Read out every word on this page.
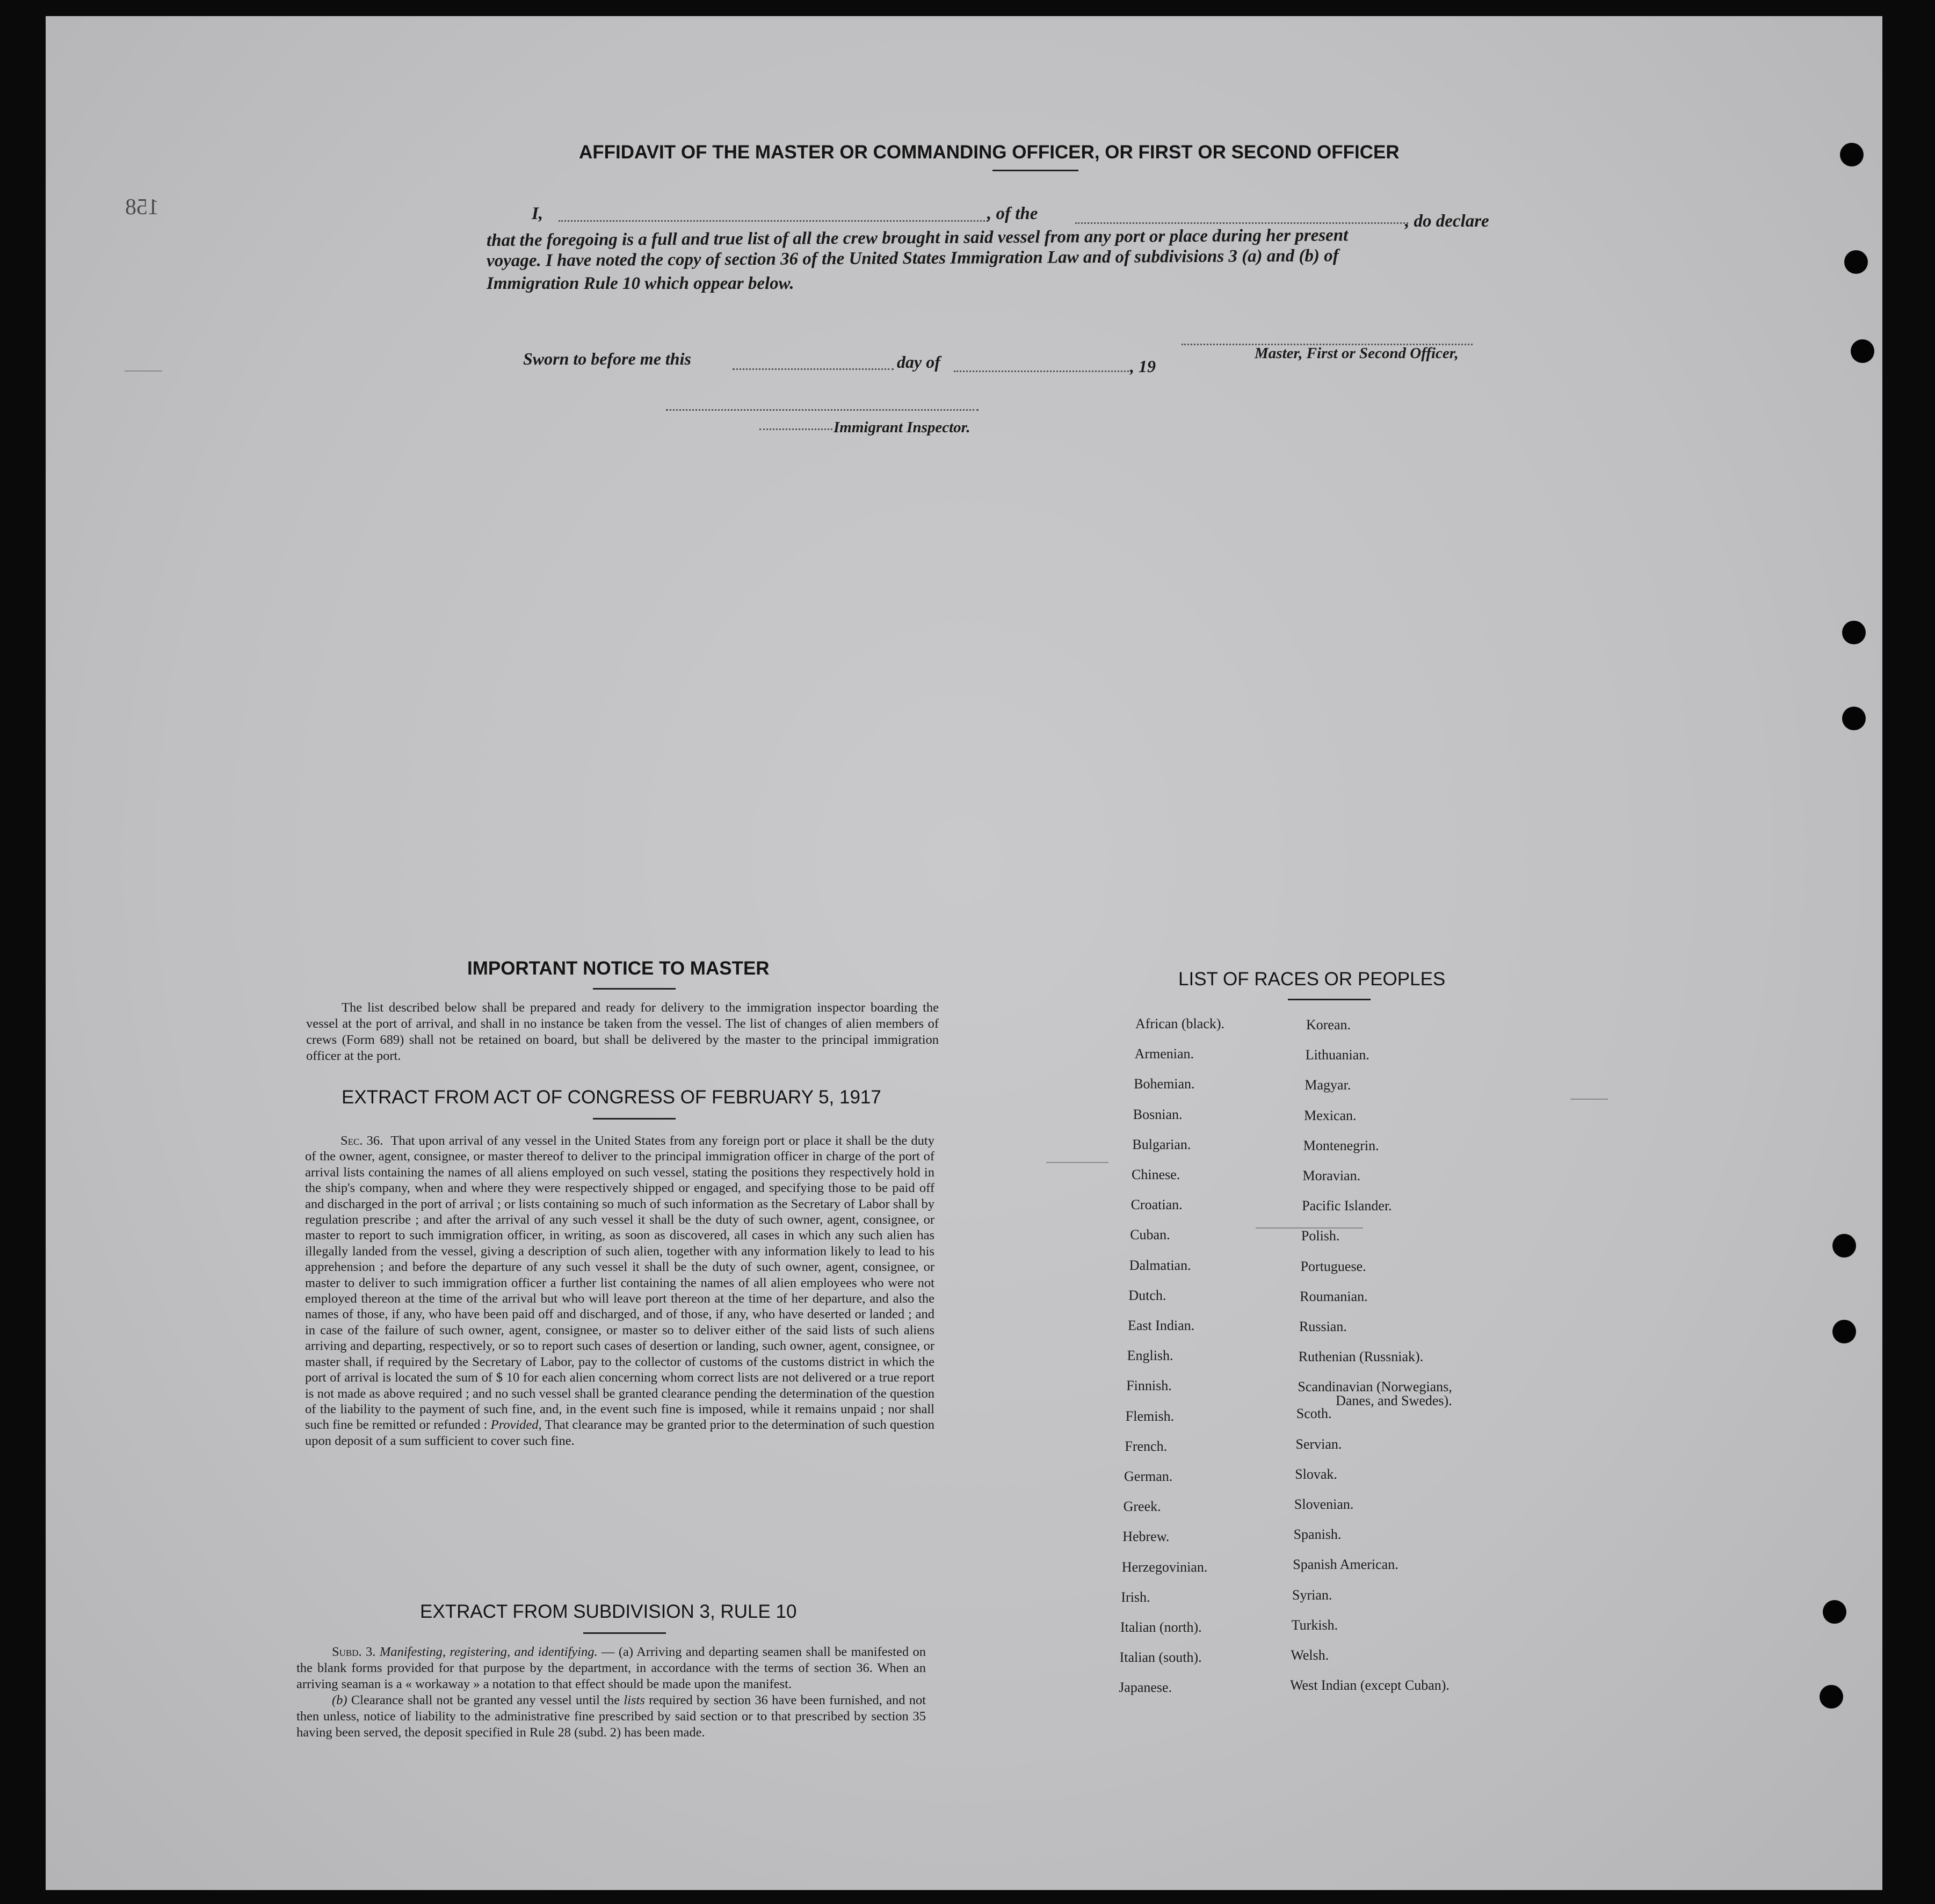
158
AFFIDAVIT OF THE MASTER OR COMMANDING OFFICER, OR FIRST OR SECOND OFFICER
I,	, of the	, do declare
that the foregoing is a full and true list of all the crew brought in said vessel from any port or place during her present
voyage. I have noted the copy of section 36 of the United States Immigration Law and of subdivisions 3 (a) and (b) of
Immigration Rule 10 which oppear below.
Master, First or Second Officer,
Sworn to before me this	day of	, 19
Immigrant Inspector.
IMPORTANT NOTICE TO MASTER

The list described below shall be prepared and ready for delivery to the immigration inspector boarding the vessel at the port of arrival, and shall in no instance be taken from the vessel. The list of changes of alien members of crews (Form 689) shall not be retained on board, but shall be delivered by the master to the principal immigration officer at the port.

EXTRACT FROM ACT OF CONGRESS OF FEBRUARY 5, 1917

Sec. 36. That upon arrival of any vessel in the United States from any foreign port or place it shall be the duty of the owner, agent, consignee, or master thereof to deliver to the principal immigration officer in charge of the port of arrival lists containing the names of all aliens employed on such vessel, stating the positions they respectively hold in the ship's company, when and where they were respectively shipped or engaged, and specifying those to be paid off and discharged in the port of arrival ; or lists containing so much of such information as the Secretary of Labor shall by regulation prescribe ; and after the arrival of any such vessel it shall be the duty of such owner, agent, consignee, or master to report to such immigration officer, in writing, as soon as discovered, all cases in which any such alien has illegally landed from the vessel, giving a description of such alien, together with any information likely to lead to his apprehension ; and before the departure of any such vessel it shall be the duty of such owner, agent, consignee, or master to deliver to such immigration officer a further list containing the names of all alien employees who were not employed thereon at the time of the arrival but who will leave port thereon at the time of her departure, and also the names of those, if any, who have been paid off and discharged, and of those, if any, who have deserted or landed ; and in case of the failure of such owner, agent, consignee, or master so to deliver either of the said lists of such aliens arriving and departing, respectively, or so to report such cases of desertion or landing, such owner, agent, consignee, or master shall, if required by the Secretary of Labor, pay to the collector of customs of the customs district in which the port of arrival is located the sum of $ 10 for each alien concerning whom correct lists are not delivered or a true report is not made as above required ; and no such vessel shall be granted clearance pending the determination of the question of the liability to the payment of such fine, and, in the event such fine is imposed, while it remains unpaid ; nor shall such fine be remitted or refunded : Provided, That clearance may be granted prior to the determination of such question upon deposit of a sum sufficient to cover such fine.

EXTRACT FROM SUBDIVISION 3, RULE 10

Subd. 3. Manifesting, registering, and identifying. — (a) Arriving and departing seamen shall be manifested on the blank forms provided for that purpose by the department, in accordance with the terms of section 36. When an arriving seaman is a « workaway » a notation to that effect should be made upon the manifest.

(b) Clearance shall not be granted any vessel until the lists required by section 36 have been furnished, and not then unless, notice of liability to the administrative fine prescribed by said section or to that prescribed by section 35 having been served, the deposit specified in Rule 28 (subd. 2) has been made.

LIST OF RACES OR PEOPLES
African (black).
Armenian.
Bohemian.
Bosnian.
Bulgarian.
Chinese.
Croatian.
Cuban.
Dalmatian.
Dutch.
East Indian.
English.
Finnish.
Flemish.
French.
German.
Greek.
Hebrew.
Herzegovinian.
Irish.
Italian (north).
Italian (south).
Japanese.
Korean.
Lithuanian.
Magyar.
Mexican.
Montenegrin.
Moravian.
Pacific Islander.
Polish.
Portuguese.
Roumanian.
Russian.
Ruthenian (Russniak).
Scandinavian (Norwegians,
Danes, and Swedes).
Scoth.
Servian.
Slovak.
Slovenian.
Spanish.
Spanish American.
Syrian.
Turkish.
Welsh.
West Indian (except Cuban).
